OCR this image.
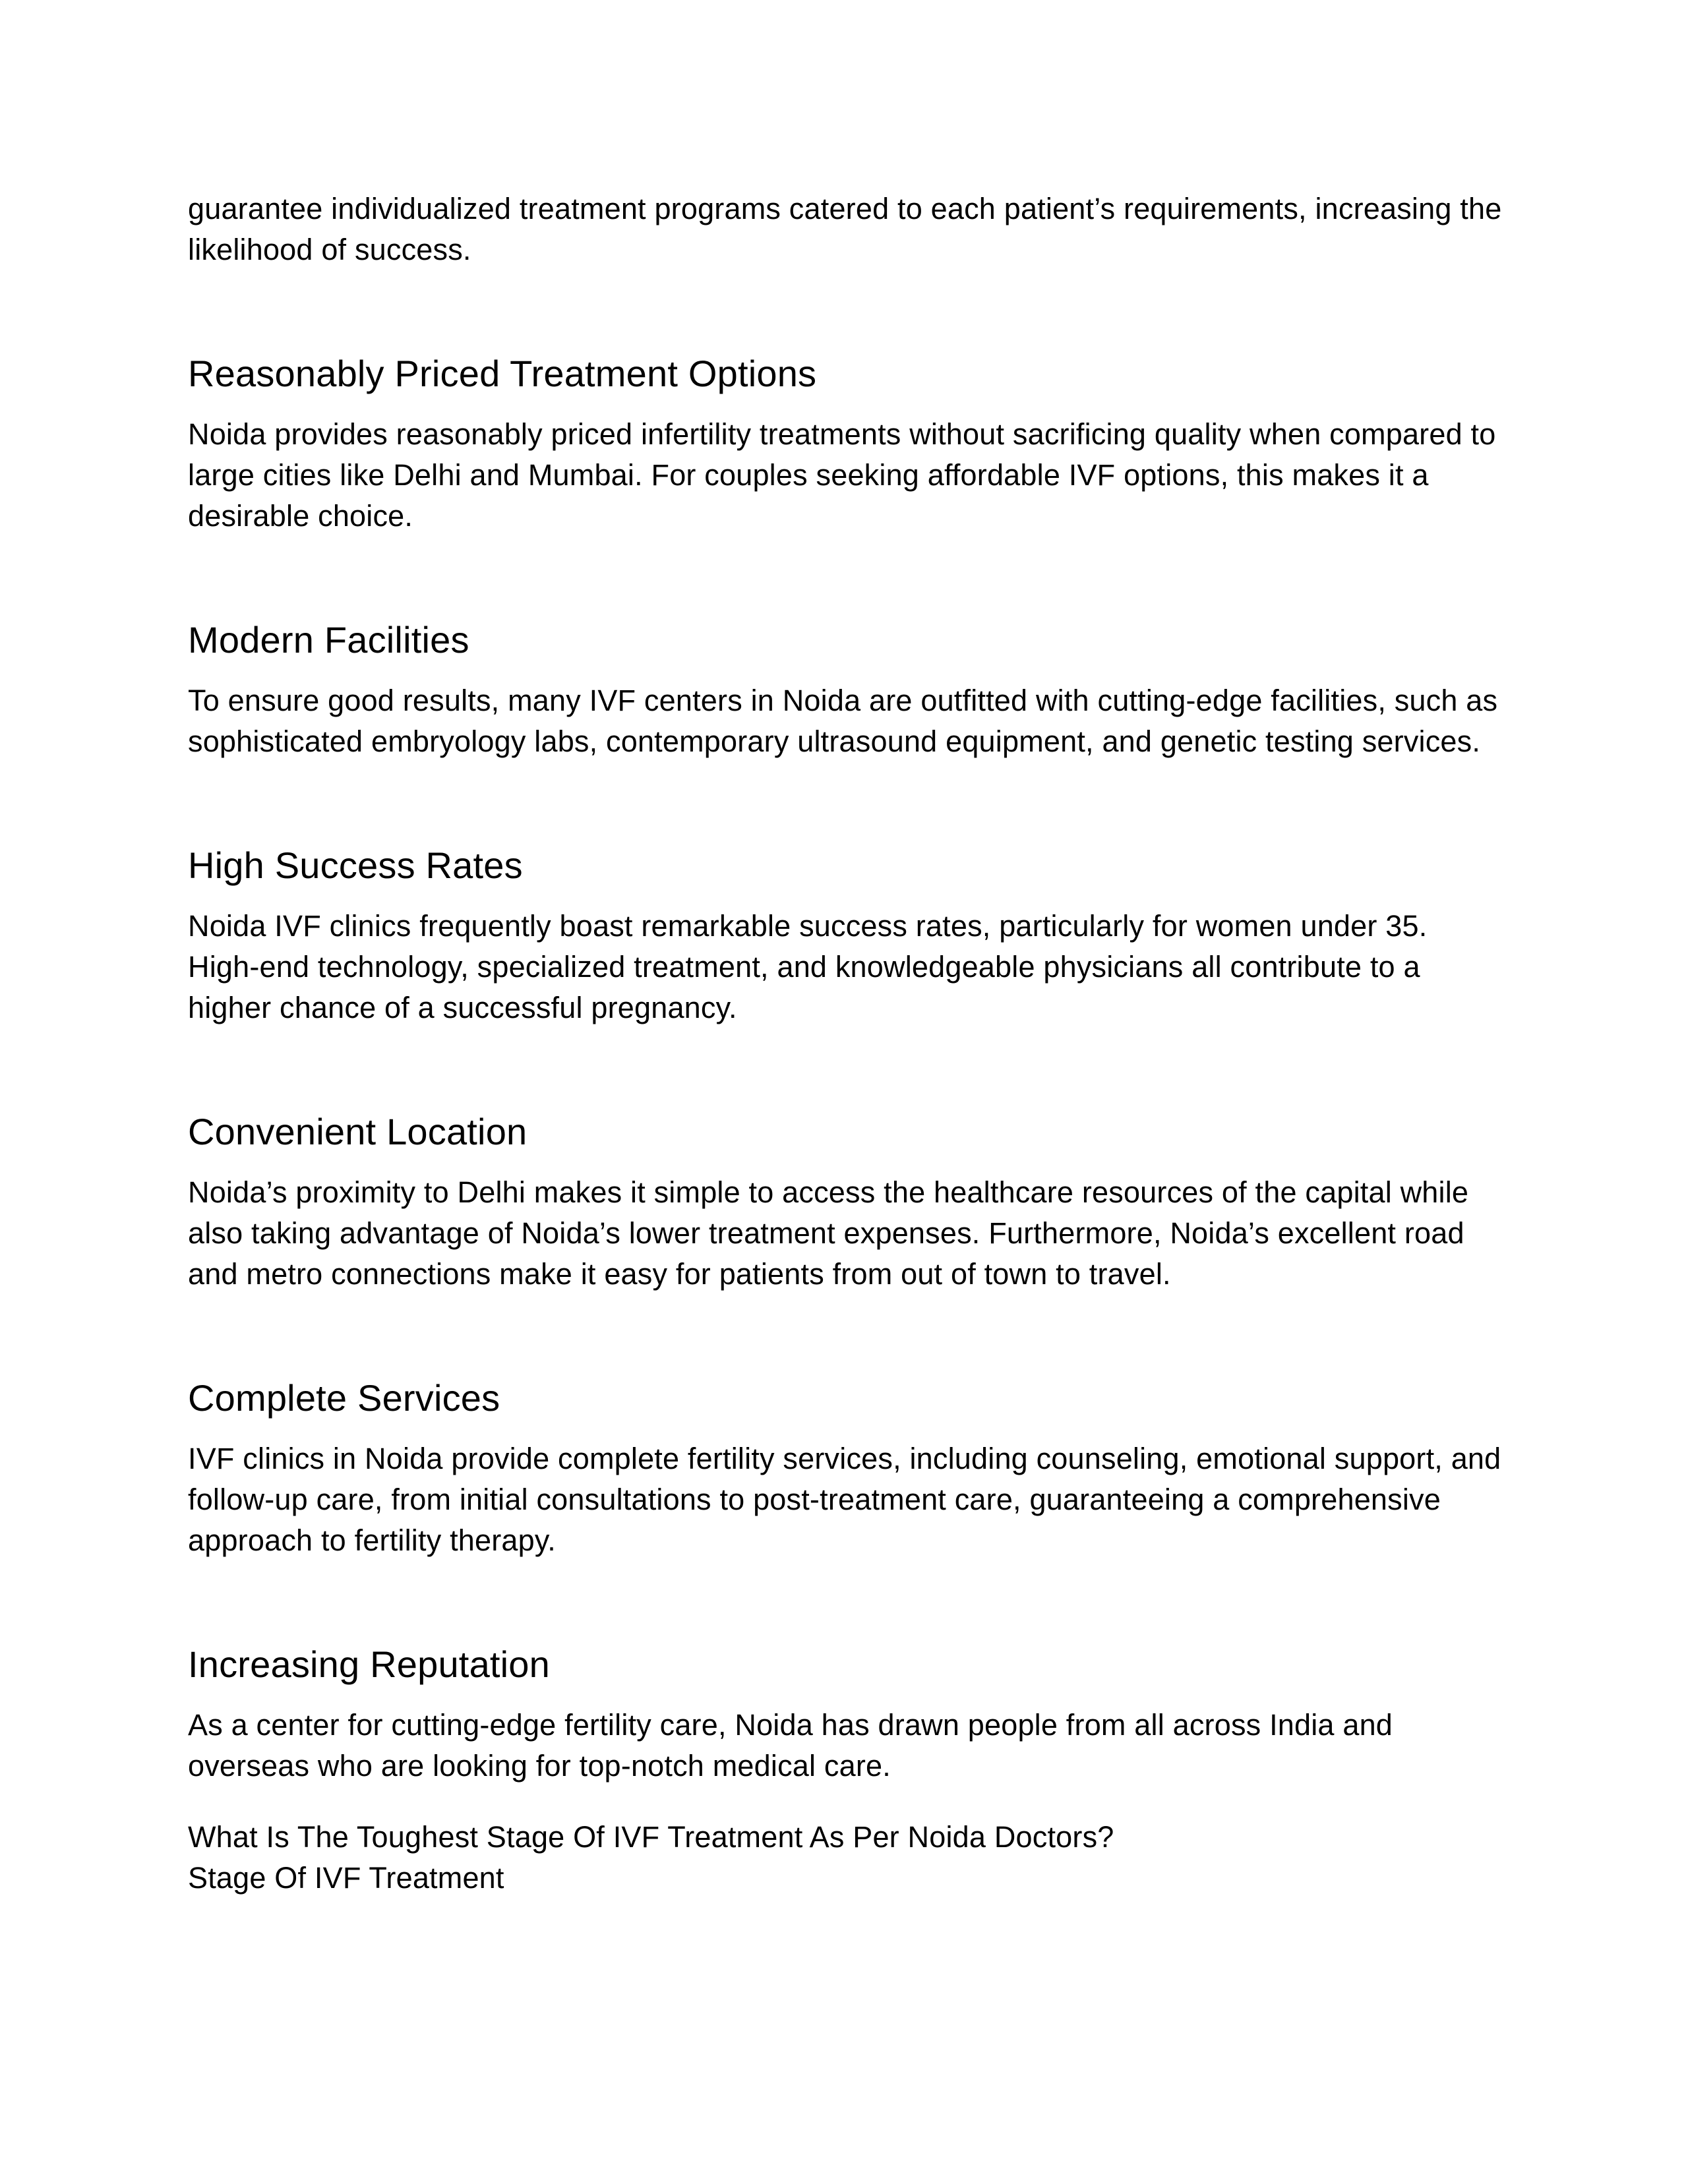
guarantee individualized treatment programs catered to each patient’s requirements, increasing the likelihood of success.

Reasonably Priced Treatment Options

Noida provides reasonably priced infertility treatments without sacrificing quality when compared to large cities like Delhi and Mumbai. For couples seeking affordable IVF options, this makes it a desirable choice.

Modern Facilities

To ensure good results, many IVF centers in Noida are outfitted with cutting-edge facilities, such as sophisticated embryology labs, contemporary ultrasound equipment, and genetic testing services.

High Success Rates

Noida IVF clinics frequently boast remarkable success rates, particularly for women under 35. High-end technology, specialized treatment, and knowledgeable physicians all contribute to a higher chance of a successful pregnancy.

Convenient Location

Noida’s proximity to Delhi makes it simple to access the healthcare resources of the capital while also taking advantage of Noida’s lower treatment expenses. Furthermore, Noida’s excellent road and metro connections make it easy for patients from out of town to travel.

Complete Services

IVF clinics in Noida provide complete fertility services, including counseling, emotional support, and follow-up care, from initial consultations to post-treatment care, guaranteeing a comprehensive approach to fertility therapy.

Increasing Reputation

As a center for cutting-edge fertility care, Noida has drawn people from all across India and overseas who are looking for top-notch medical care.

What Is The Toughest Stage Of IVF Treatment As Per Noida Doctors?

Stage Of IVF Treatment
